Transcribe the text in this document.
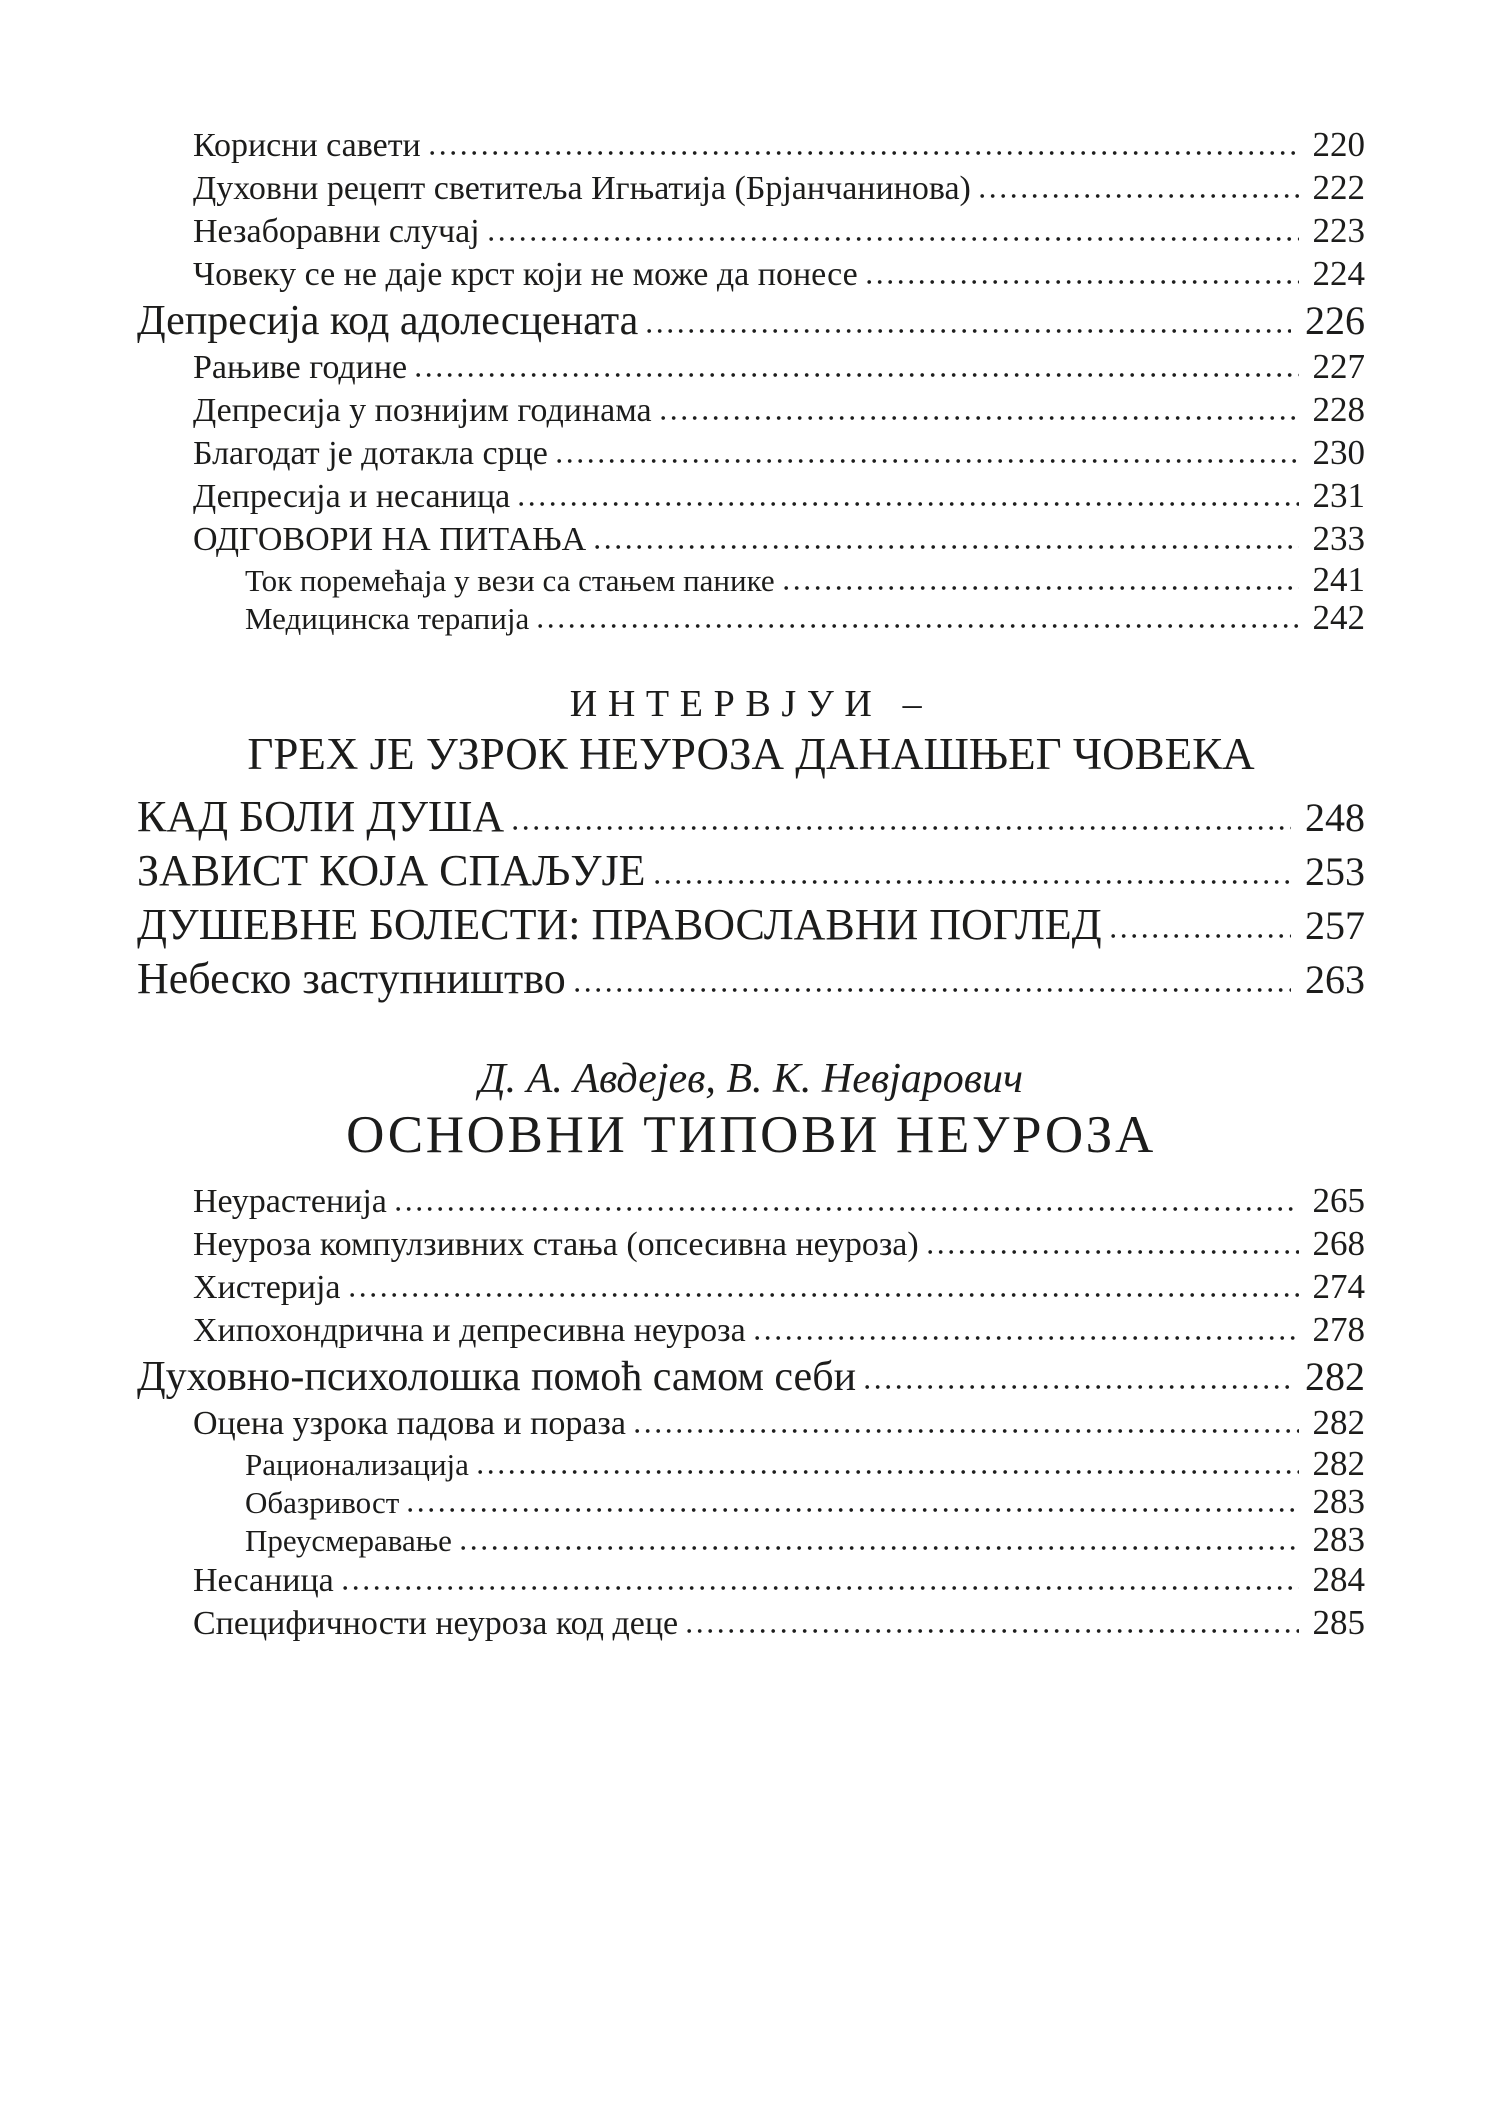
Корисни савети	220
Духовни рецепт светитеља Игњатија (Брјанчанинова)	222
Незаборавни случај	223
Човеку се не даје крст који не може да понесе	224
Депресија код адолесцената	226
Рањиве године	227
Депресија у познијим годинама	228
Благодат је дотакла срце	230
Депресија и несаница	231
ОДГОВОРИ НА ПИТАЊА	233
Ток поремећаја у вези са стањем панике	241
Медицинска терапија	242
ИНТЕРВЈУИ –
ГРЕХ ЈЕ УЗРОК НЕУРОЗА ДАНАШЊЕГ ЧОВЕКА
КАД БОЛИ ДУША	248
ЗАВИСТ КОЈА СПАЉУЈЕ	253
ДУШЕВНЕ БОЛЕСТИ: ПРАВОСЛАВНИ ПОГЛЕД	257
Небеско заступништво	263
Д. А. Авдејев, В. К. Невјарович
ОСНОВНИ ТИПОВИ НЕУРОЗА
Неурастенија	265
Неуроза компулзивних стања (опсесивна неуроза)	268
Хистерија	274
Хипохондрична и депресивна неуроза	278
Духовно-психолошка помоћ самом себи	282
Оцена узрока падова и пораза	282
Рационализација	282
Обазривост	283
Преусмеравање	283
Несаница	284
Специфичности неуроза код деце	285
